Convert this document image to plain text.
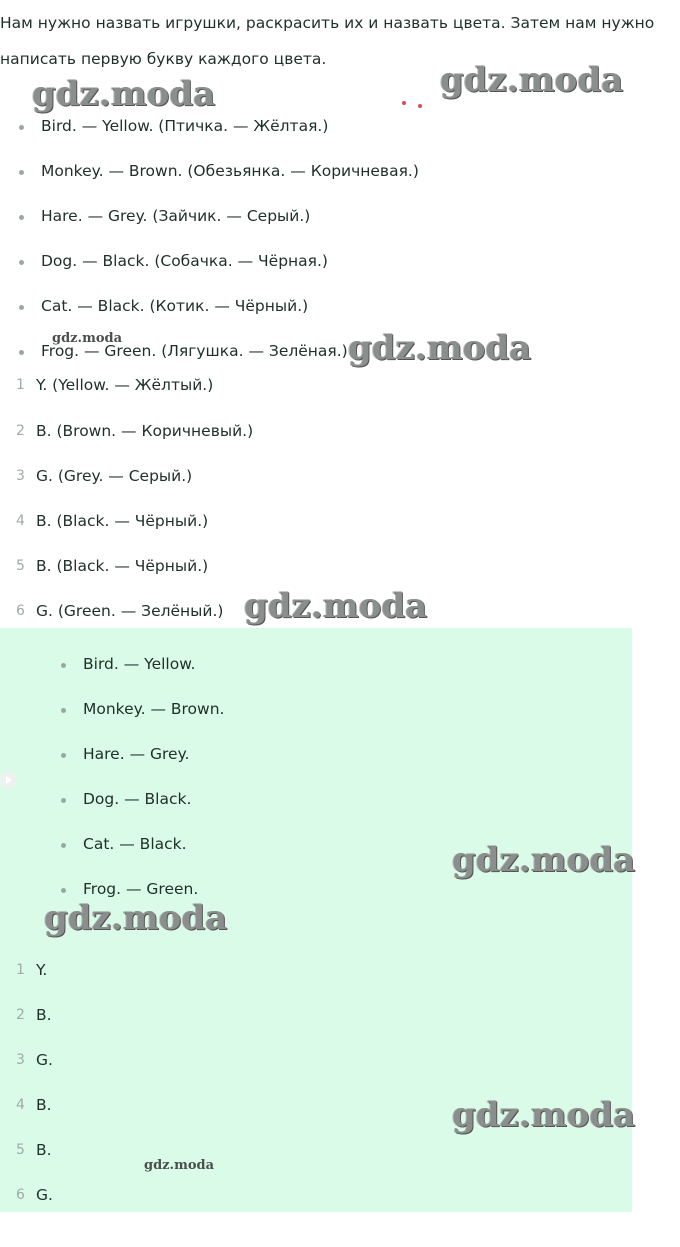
Нам нужно назвать игрушки, раскрасить их и назвать цвета. Затем нам нужно написать первую букву каждого цвета.

Bird. — Yellow. (Птичка. — Жёлтая.)
Monkey. — Brown. (Обезьянка. — Коричневая.)
Hare. — Grey. (Зайчик. — Серый.)
Dog. — Black. (Собачка. — Чёрная.)
Cat. — Black. (Котик. — Чёрный.)
Frog. — Green. (Лягушка. — Зелёная.)
1 Y. (Yellow. — Жёлтый.)
2 B. (Brown. — Коричневый.)
3 G. (Grey. — Серый.)
4 B. (Black. — Чёрный.)
5 B. (Black. — Чёрный.)
6 G. (Green. — Зелёный.)
Bird. — Yellow.
Monkey. — Brown.
Hare. — Grey.
Dog. — Black.
Cat. — Black.
Frog. — Green.
1 Y.
2 B.
3 G.
4 B.
5 B.
6 G.
gdz.moda	gdz.moda
gdz.moda	gdz.moda
gdz.moda
gdz.moda
gdz.moda
gdz.moda
gdz.moda
